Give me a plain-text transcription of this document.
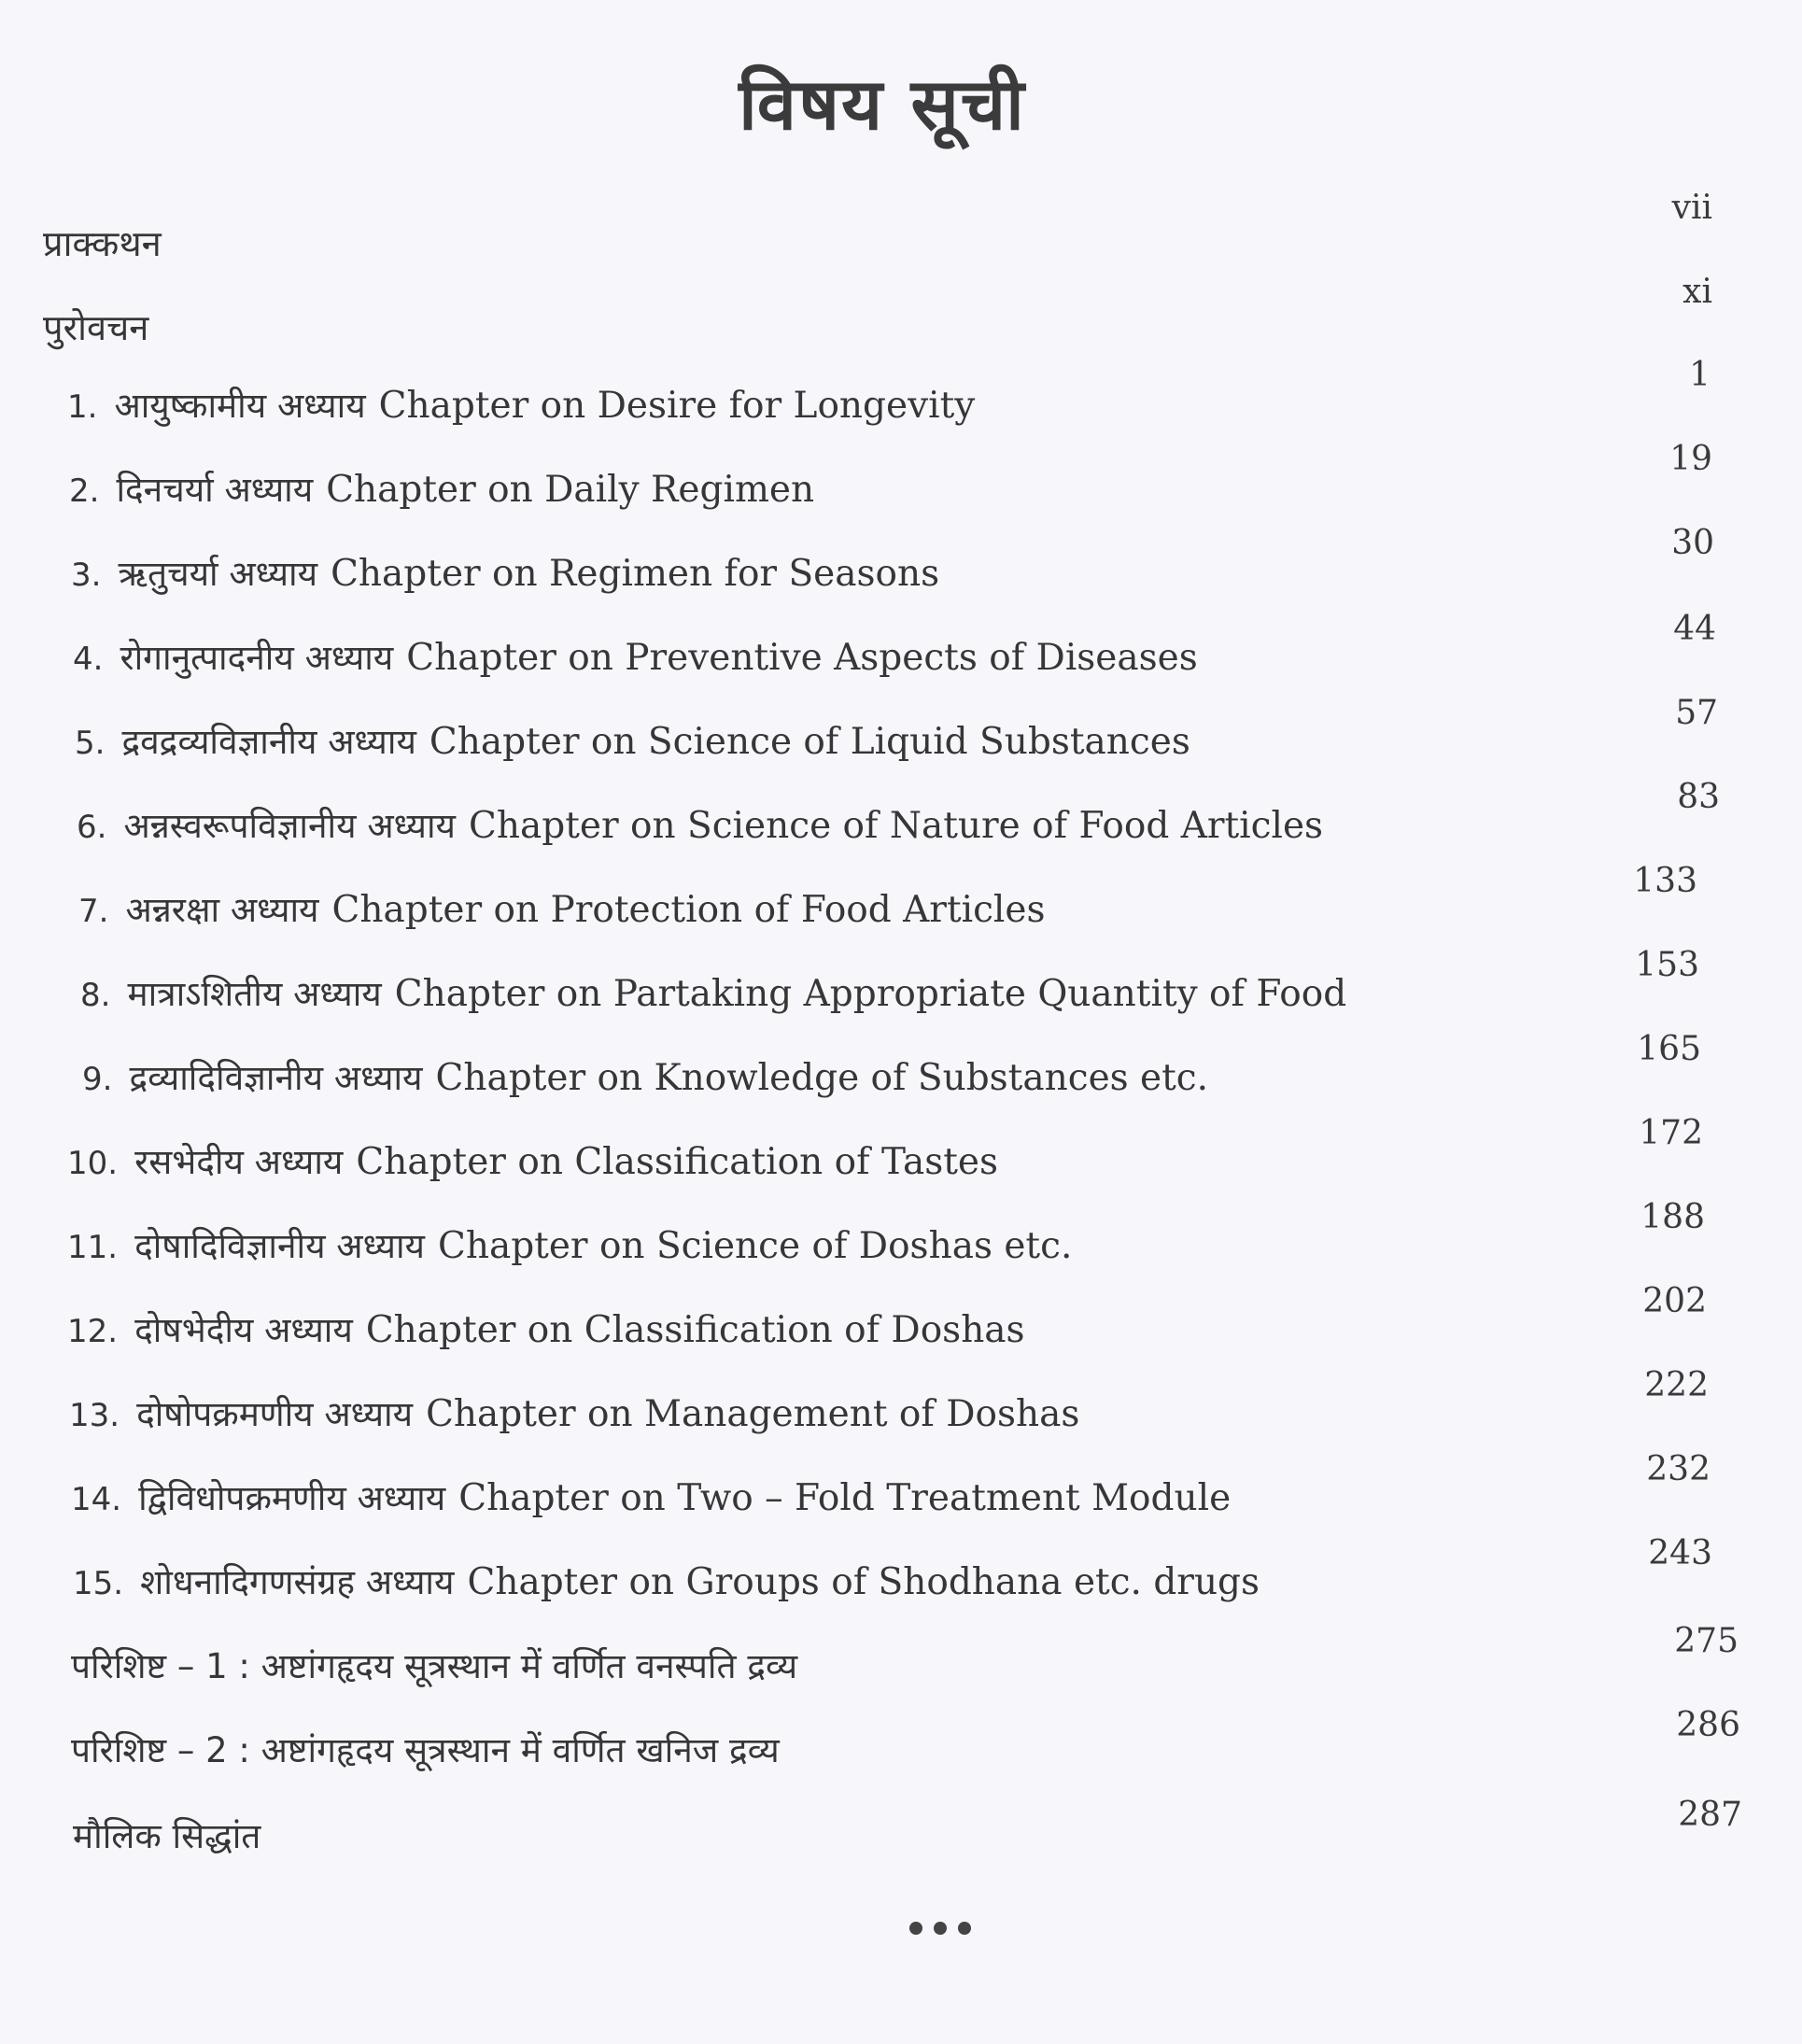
विषय सूची
प्राक्कथन
vii
पुरोवचन
xi
1. आयुष्कामीय अध्याय Chapter on Desire for Longevity
1
2. दिनचर्या अध्याय Chapter on Daily Regimen
19
3. ऋतुचर्या अध्याय Chapter on Regimen for Seasons
30
4. रोगानुत्पादनीय अध्याय Chapter on Preventive Aspects of Diseases
44
5. द्रवद्रव्यविज्ञानीय अध्याय Chapter on Science of Liquid Substances
57
6. अन्नस्वरूपविज्ञानीय अध्याय Chapter on Science of Nature of Food Articles
83
7. अन्नरक्षा अध्याय Chapter on Protection of Food Articles
133
8. मात्राऽशितीय अध्याय Chapter on Partaking Appropriate Quantity of Food
153
9. द्रव्यादिविज्ञानीय अध्याय Chapter on Knowledge of Substances etc.
165
10. रसभेदीय अध्याय Chapter on Classification of Tastes
172
11. दोषादिविज्ञानीय अध्याय Chapter on Science of Doshas etc.
188
12. दोषभेदीय अध्याय Chapter on Classification of Doshas
202
13. दोषोपक्रमणीय अध्याय Chapter on Management of Doshas
222
14. द्विविधोपक्रमणीय अध्याय Chapter on Two – Fold Treatment Module
232
15. शोधनादिगणसंग्रह अध्याय Chapter on Groups of Shodhana etc. drugs
243
परिशिष्ट – 1 : अष्टांगहृदय सूत्रस्थान में वर्णित वनस्पति द्रव्य
275
परिशिष्ट – 2 : अष्टांगहृदय सूत्रस्थान में वर्णित खनिज द्रव्य
286
मौलिक सिद्धांत
287
